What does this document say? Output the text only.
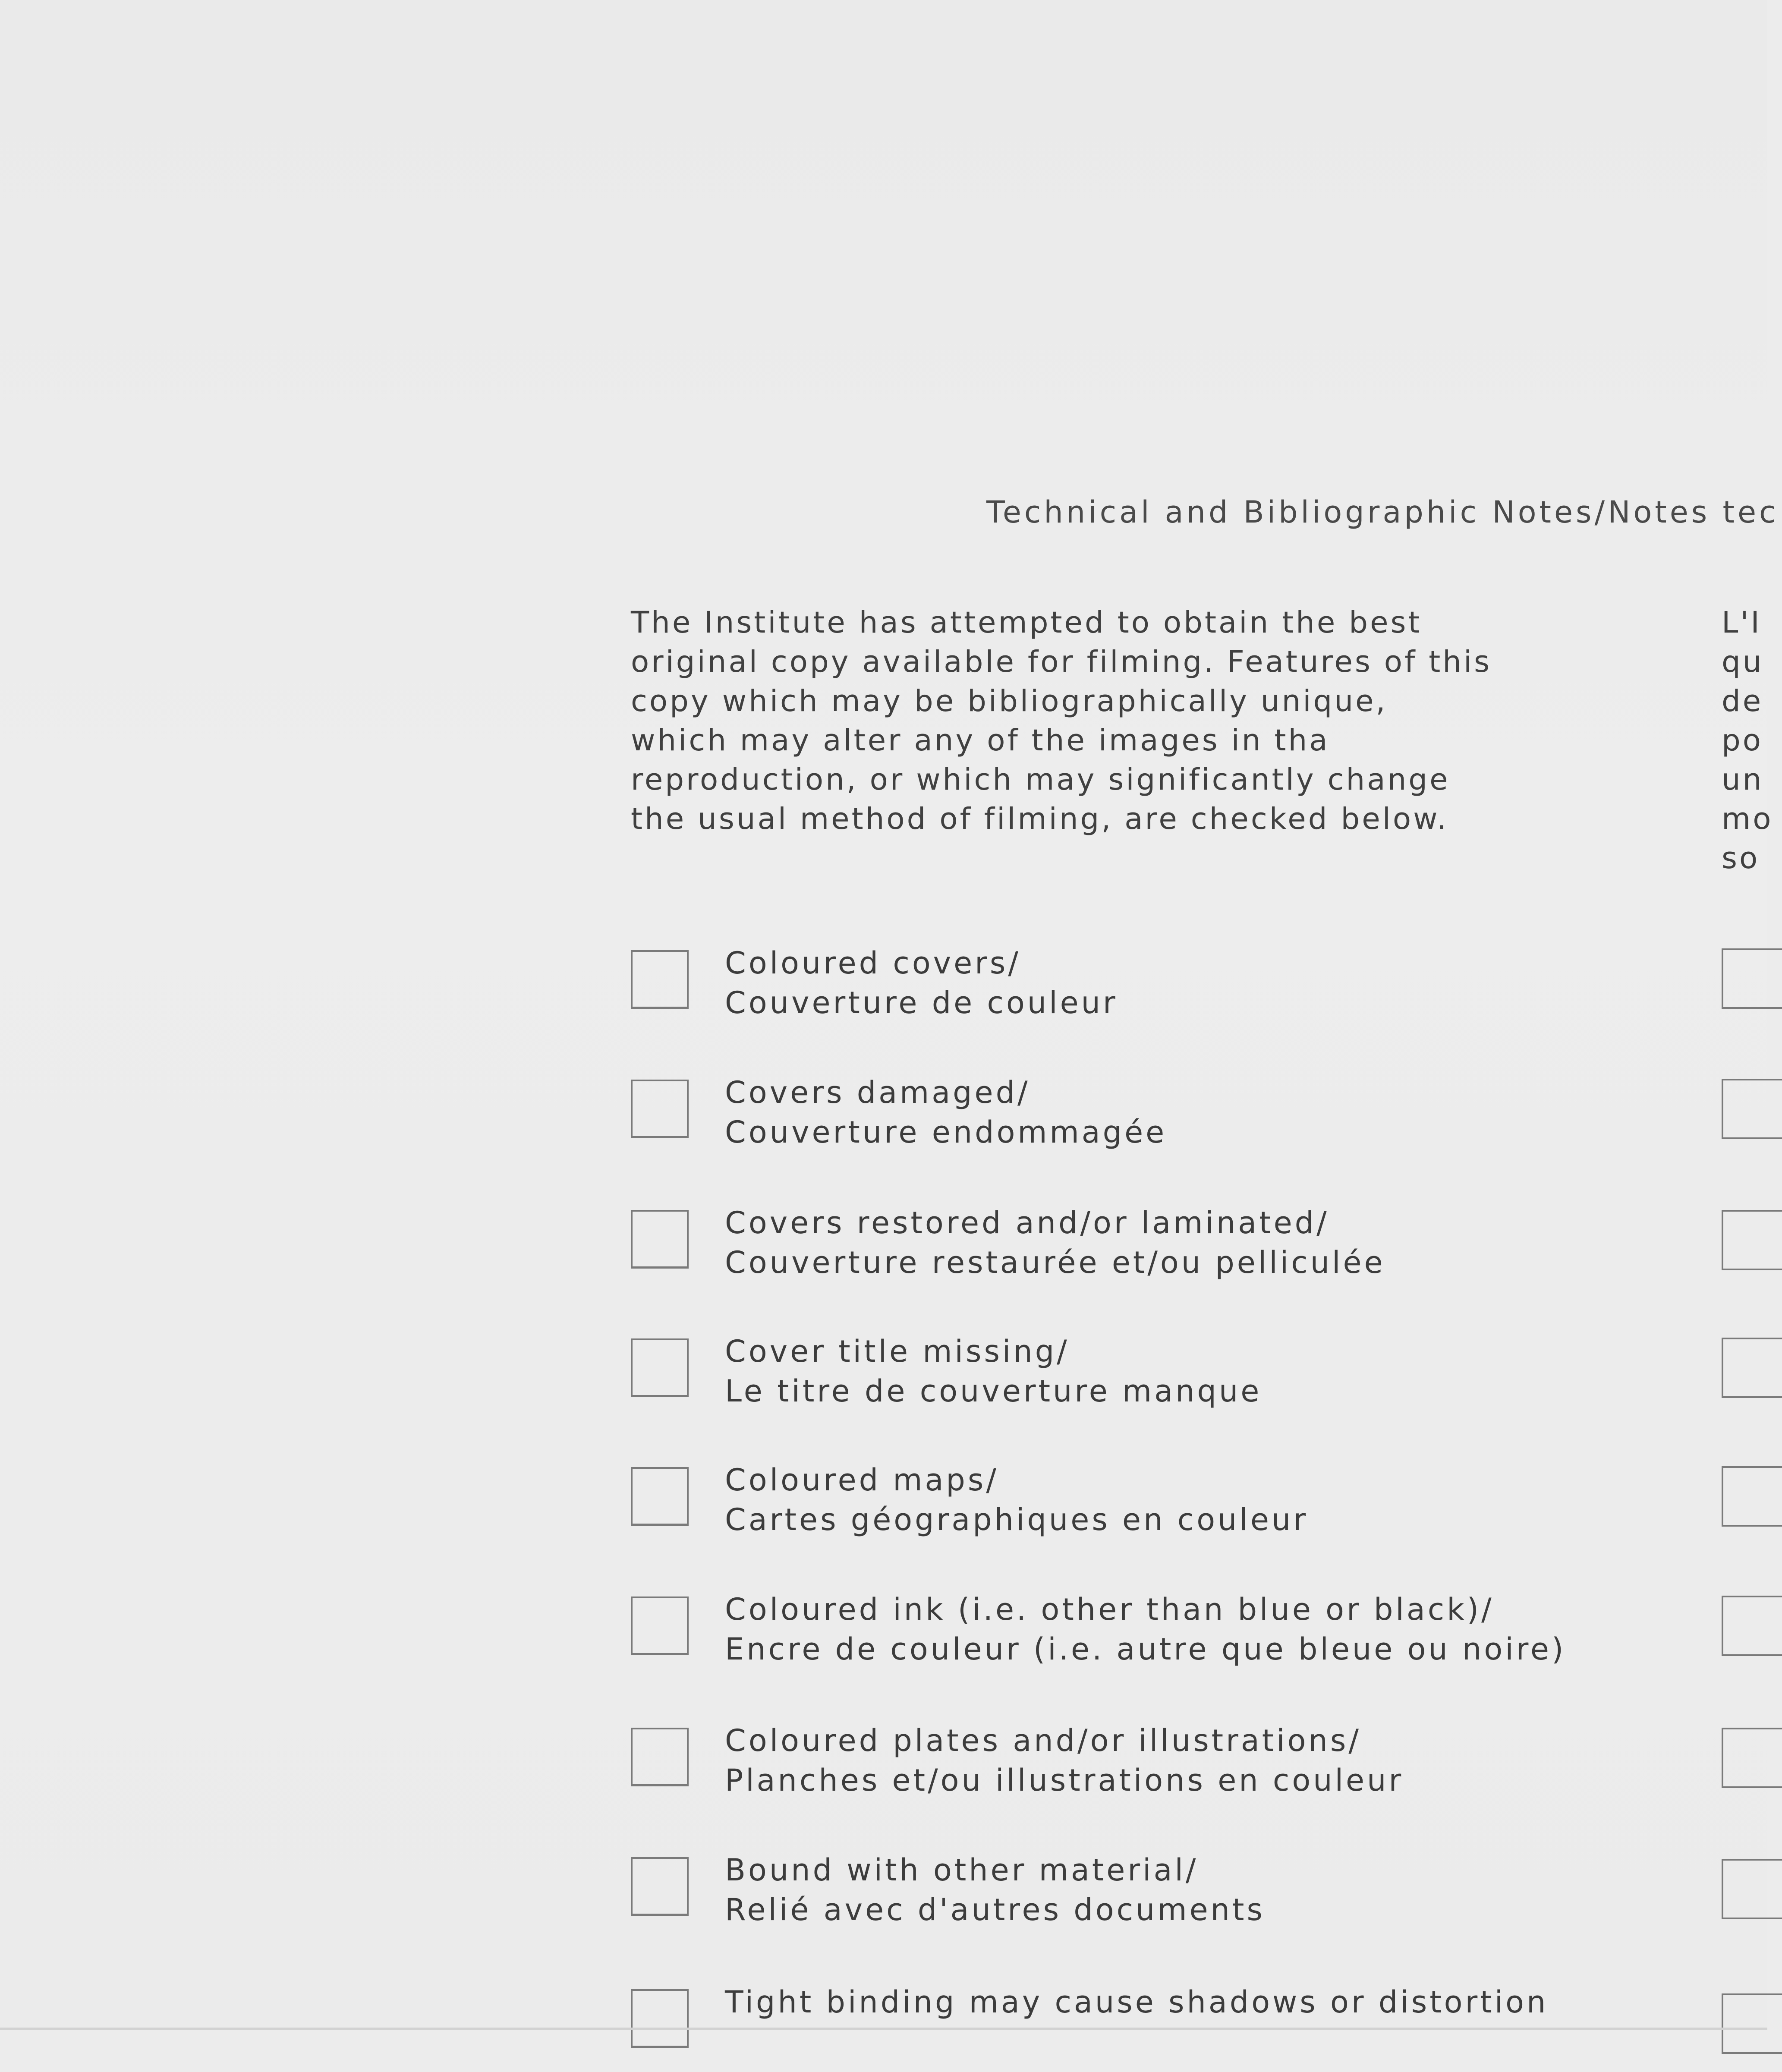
Technical and Bibliographic Notes/Notes tec
The Institute has attempted to obtain the best
original copy available for filming. Features of this
copy which may be bibliographically unique,
which may alter any of the images in tha
reproduction, or which may significantly change
the usual method of filming, are checked below.
L'I
qu
de
po
un
mo
so
Coloured covers/
Couverture de couleur
Covers damaged/
Couverture endommagée
Covers restored and/or laminated/
Couverture restaurée et/ou pelliculée
Cover title missing/
Le titre de couverture manque
Coloured maps/
Cartes géographiques en couleur
Coloured ink (i.e. other than blue or black)/
Encre de couleur (i.e. autre que bleue ou noire)
Coloured plates and/or illustrations/
Planches et/ou illustrations en couleur
Bound with other material/
Relié avec d'autres documents
Tight binding may cause shadows or distortion
